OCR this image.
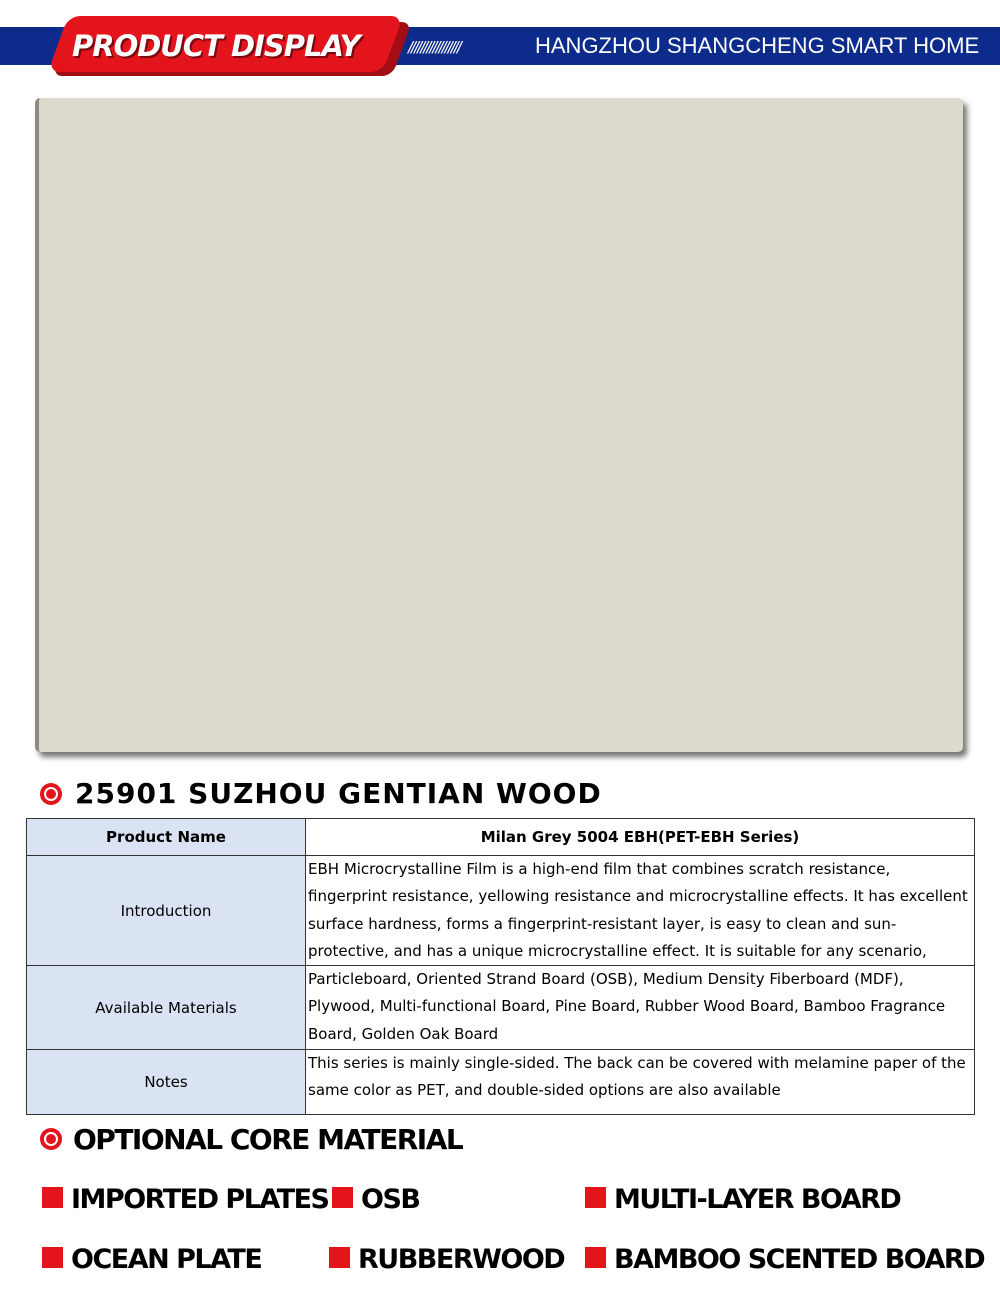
PRODUCT DISPLAY	/////////////////	HANGZHOU SHANGCHENG SMART HOME
25901 SUZHOU GENTIAN WOOD
Product Name	Milan Grey 5004 EBH(PET-EBH Series)
Introduction	EBH Microcrystalline Film is a high-end film that combines scratch resistance, fingerprint resistance, yellowing resistance and microcrystalline effects. It has excellent surface hardness, forms a fingerprint-resistant layer, is easy to clean and sun-protective, and has a unique microcrystalline effect. It is suitable for any scenario,

Available Materials	Particleboard, Oriented Strand Board (OSB), Medium Density Fiberboard (MDF), Plywood, Multi-functional Board, Pine Board, Rubber Wood Board, Bamboo Fragrance Board, Golden Oak Board
Notes	This series is mainly single-sided. The back can be covered with melamine paper of the same color as PET, and double-sided options are also available
OPTIONAL CORE MATERIAL
IMPORTED PLATES	OSB	MULTI-LAYER BOARD
OCEAN PLATE	RUBBERWOOD	BAMBOO SCENTED BOARD
